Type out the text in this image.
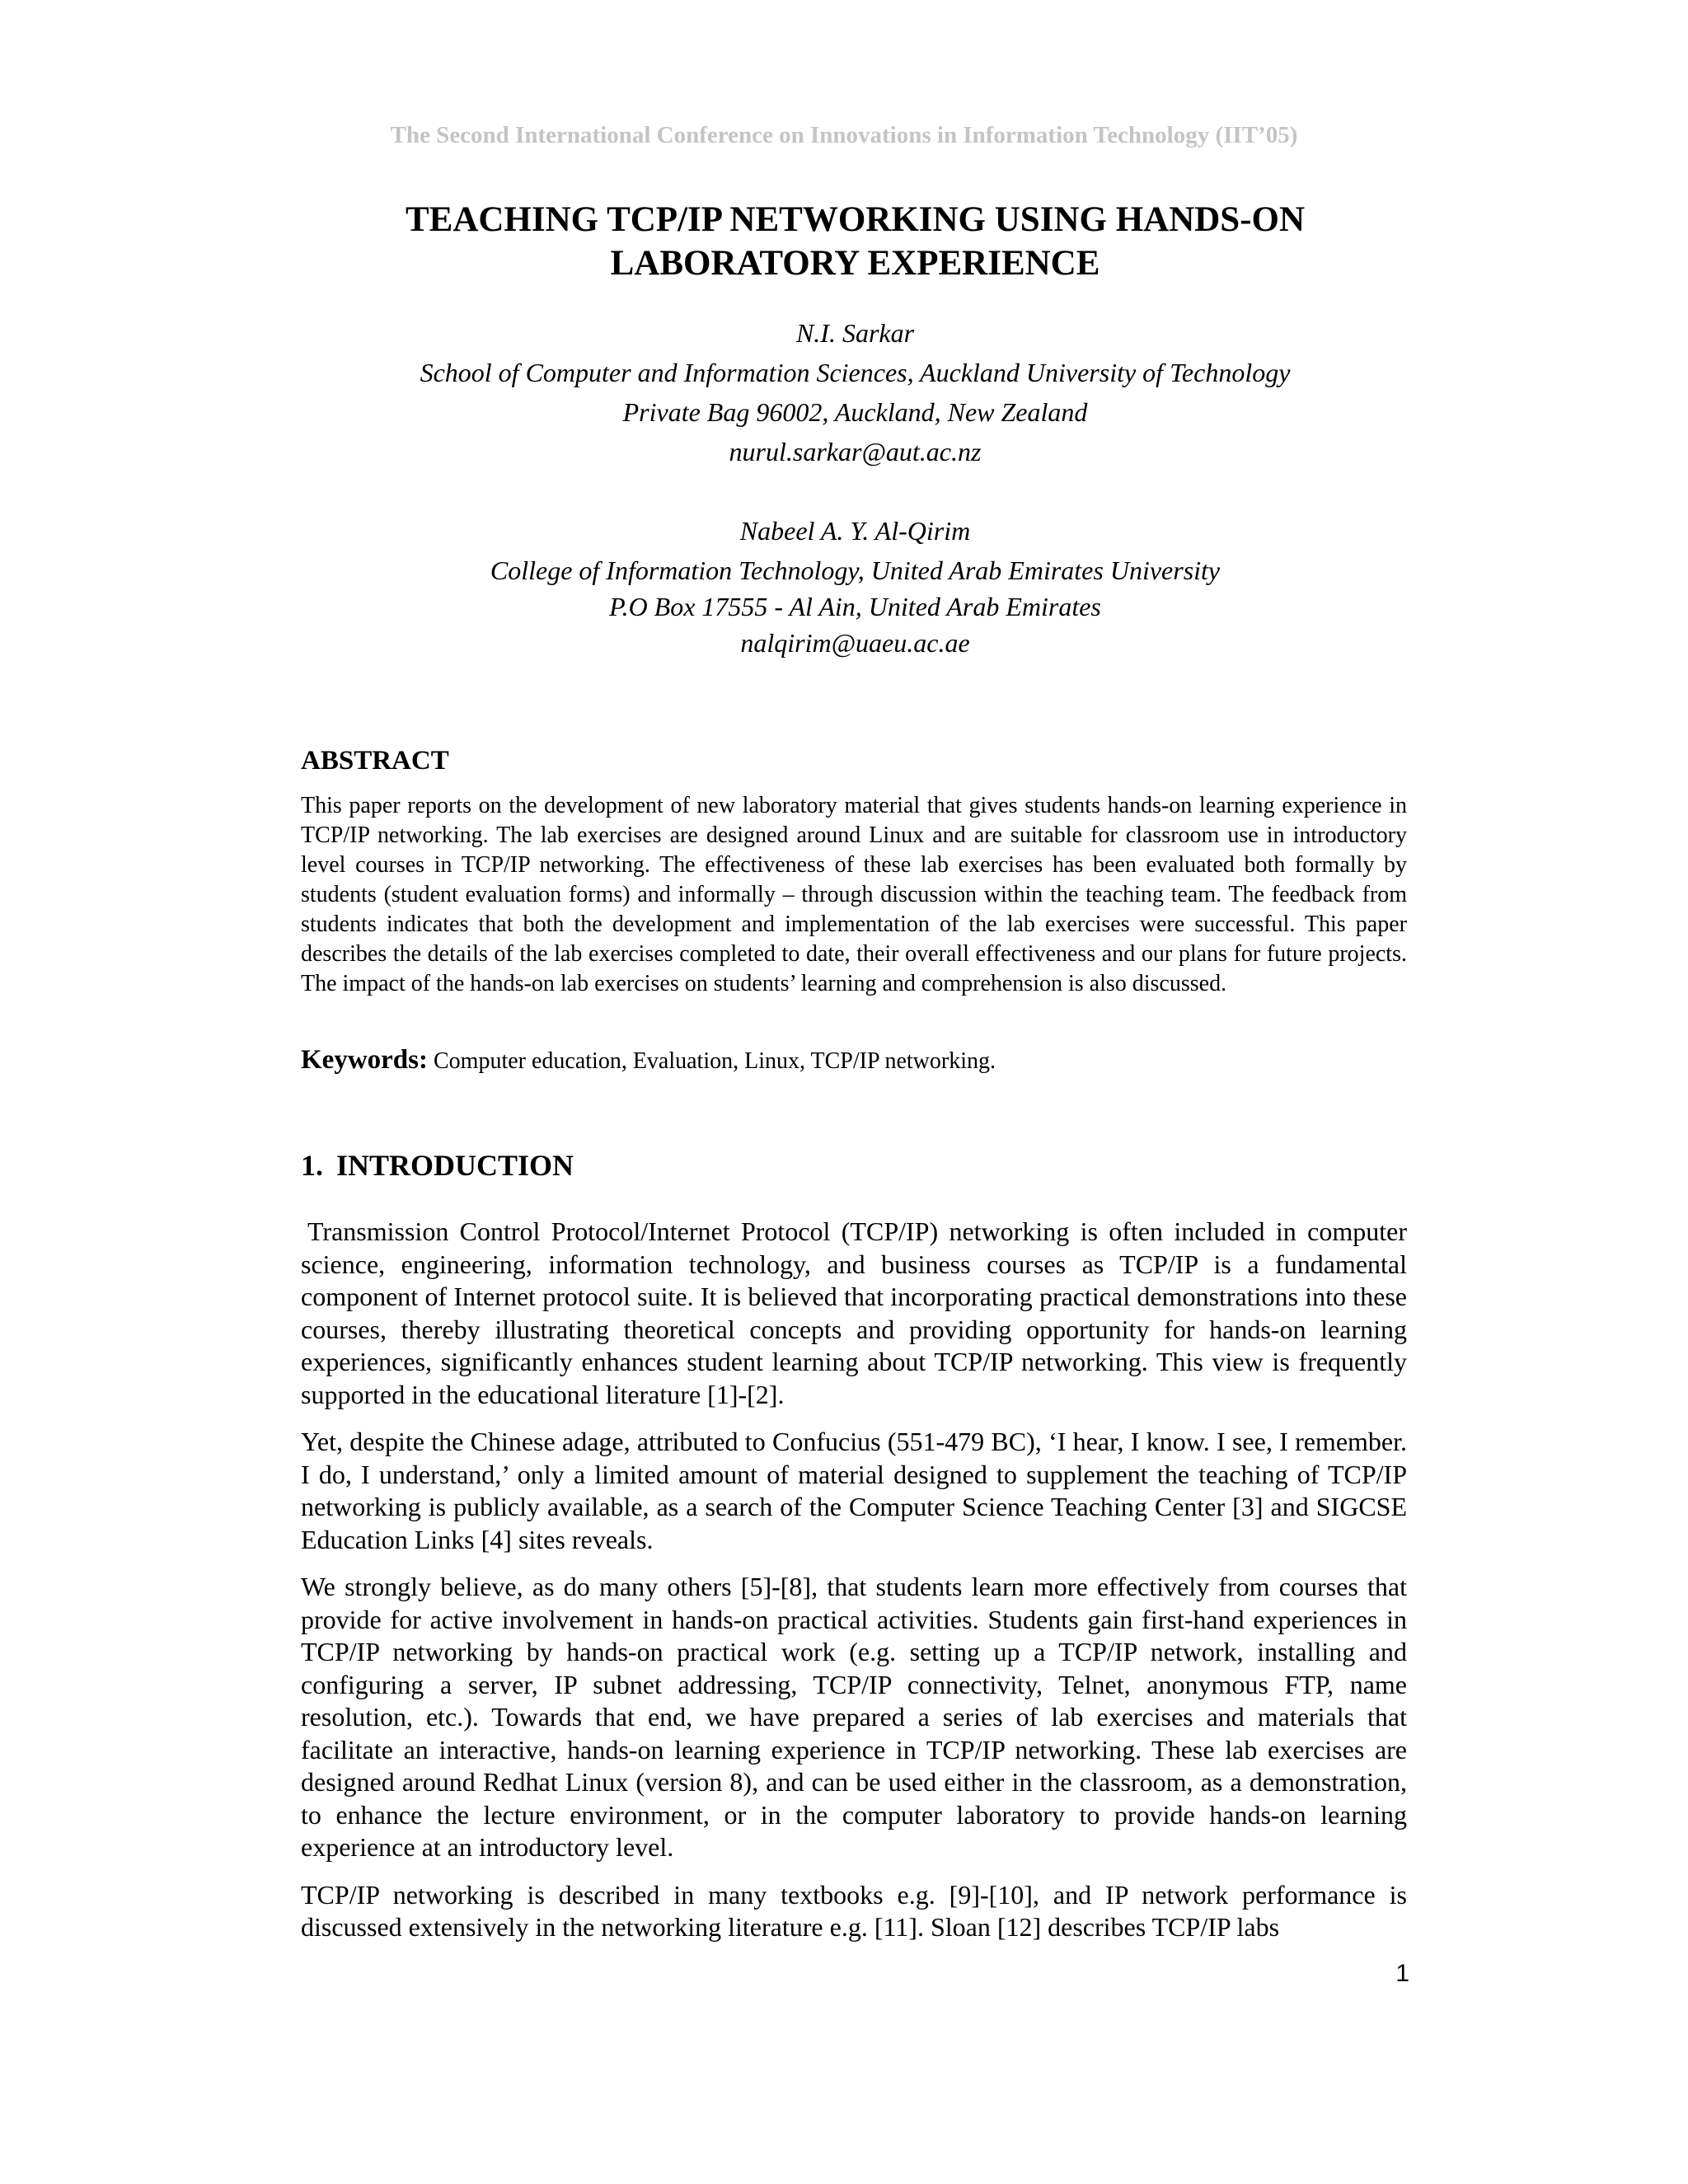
The Second International Conference on Innovations in Information Technology (IIT’05)

TEACHING TCP/IP NETWORKING USING HANDS-ON
LABORATORY EXPERIENCE
N.I. Sarkar
School of Computer and Information Sciences, Auckland University of Technology
Private Bag 96002, Auckland, New Zealand
nurul.sarkar@aut.ac.nz
Nabeel A. Y. Al-Qirim
College of Information Technology, United Arab Emirates University
P.O Box 17555 - Al Ain, United Arab Emirates
nalqirim@uaeu.ac.ae
ABSTRACT

This paper reports on the development of new laboratory material that gives students hands-on learning experience in TCP/IP networking. The lab exercises are designed around Linux and are suitable for classroom use in introductory level courses in TCP/IP networking. The effectiveness of these lab exercises has been evaluated both formally by students (student evaluation forms) and informally – through discussion within the teaching team. The feedback from students indicates that both the development and implementation of the lab exercises were successful. This paper describes the details of the lab exercises completed to date, their overall effectiveness and our plans for future projects. The impact of the hands-on lab exercises on students’ learning and comprehension is also discussed.

Keywords: Computer education, Evaluation, Linux, TCP/IP networking.

1. INTRODUCTION

Transmission Control Protocol/Internet Protocol (TCP/IP) networking is often included in computer science, engineering, information technology, and business courses as TCP/IP is a fundamental component of Internet protocol suite. It is believed that incorporating practical demonstrations into these courses, thereby illustrating theoretical concepts and providing opportunity for hands-on learning experiences, significantly enhances student learning about TCP/IP networking. This view is frequently supported in the educational literature [1]-[2].

Yet, despite the Chinese adage, attributed to Confucius (551-479 BC), ‘I hear, I know. I see, I remember. I do, I understand,’ only a limited amount of material designed to supplement the teaching of TCP/IP networking is publicly available, as a search of the Computer Science Teaching Center [3] and SIGCSE Education Links [4] sites reveals.

We strongly believe, as do many others [5]-[8], that students learn more effectively from courses that provide for active involvement in hands-on practical activities. Students gain first-hand experiences in TCP/IP networking by hands-on practical work (e.g. setting up a TCP/IP network, installing and configuring a server, IP subnet addressing, TCP/IP connectivity, Telnet, anonymous FTP, name resolution, etc.). Towards that end, we have prepared a series of lab exercises and materials that facilitate an interactive, hands-on learning experience in TCP/IP networking. These lab exercises are designed around Redhat Linux (version 8), and can be used either in the classroom, as a demonstration, to enhance the lecture environment, or in the computer laboratory to provide hands-on learning experience at an introductory level.

TCP/IP networking is described in many textbooks e.g. [9]-[10], and IP network performance is discussed extensively in the networking literature e.g. [11]. Sloan [12] describes TCP/IP labs

1
